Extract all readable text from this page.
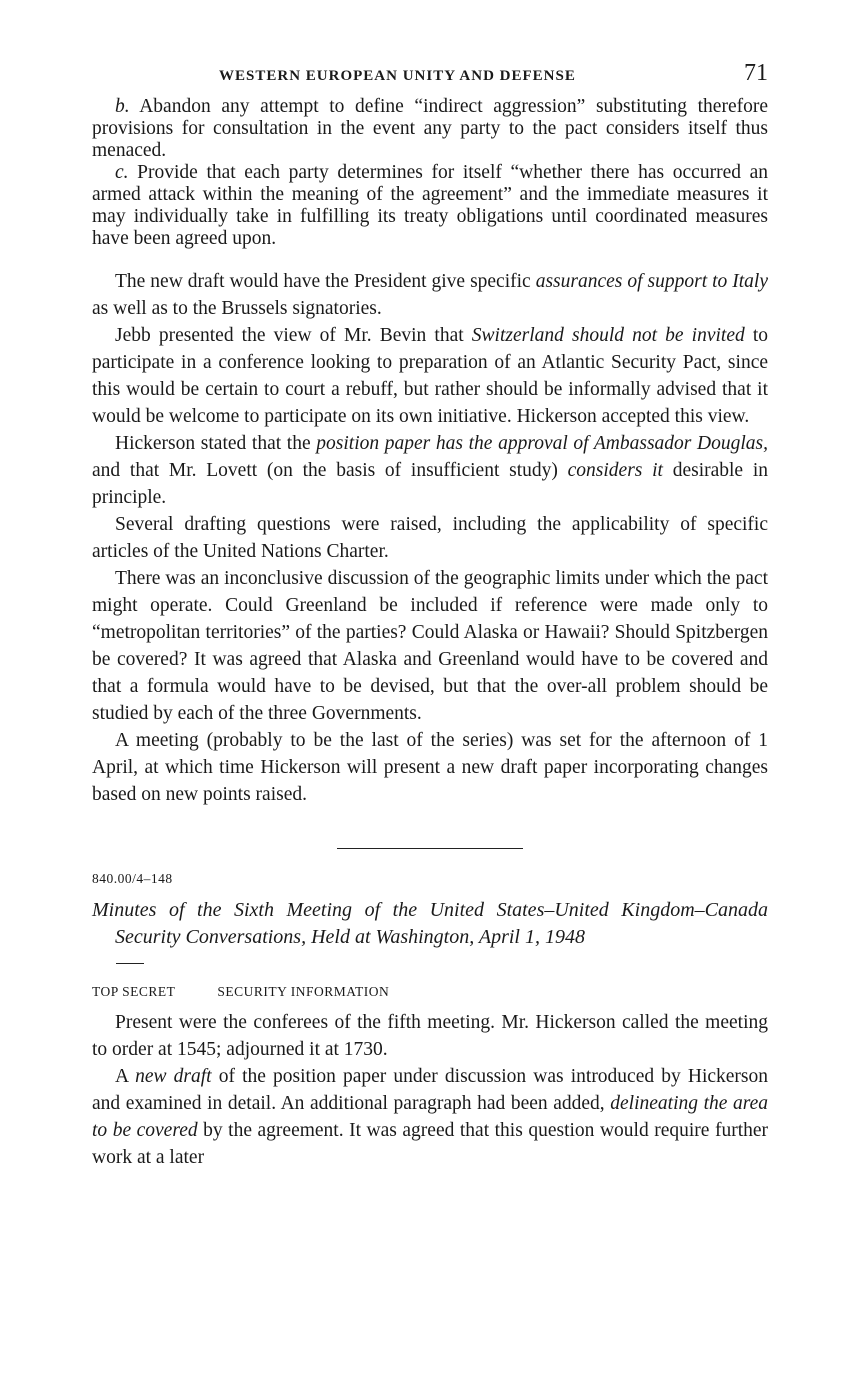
WESTERN EUROPEAN UNITY AND DEFENSE	71

b. Abandon any attempt to define “indirect aggression” substituting therefore provisions for consultation in the event any party to the pact considers itself thus menaced.

c. Provide that each party determines for itself “whether there has occurred an armed attack within the meaning of the agreement” and the immediate measures it may individually take in fulfilling its treaty obligations until coordinated measures have been agreed upon.

The new draft would have the President give specific assurances of support to Italy as well as to the Brussels signatories.

Jebb presented the view of Mr. Bevin that Switzerland should not be invited to participate in a conference looking to preparation of an Atlantic Security Pact, since this would be certain to court a rebuff, but rather should be informally advised that it would be welcome to participate on its own initiative. Hickerson accepted this view.

Hickerson stated that the position paper has the approval of Ambassador Douglas, and that Mr. Lovett (on the basis of insufficient study) considers it desirable in principle.

Several drafting questions were raised, including the applicability of specific articles of the United Nations Charter.

There was an inconclusive discussion of the geographic limits under which the pact might operate. Could Greenland be included if reference were made only to “metropolitan territories” of the parties? Could Alaska or Hawaii? Should Spitzbergen be covered? It was agreed that Alaska and Greenland would have to be covered and that a formula would have to be devised, but that the over-all problem should be studied by each of the three Governments.

A meeting (probably to be the last of the series) was set for the afternoon of 1 April, at which time Hickerson will present a new draft paper incorporating changes based on new points raised.

840.00/4–148
Minutes of the Sixth Meeting of the United States–United Kingdom–Canada Security Conversations, Held at Washington, April 1, 1948
TOP SECRET	SECURITY INFORMATION

Present were the conferees of the fifth meeting. Mr. Hickerson called the meeting to order at 1545; adjourned it at 1730.

A new draft of the position paper under discussion was introduced by Hickerson and examined in detail. An additional paragraph had been added, delineating the area to be covered by the agreement. It was agreed that this question would require further work at a later
